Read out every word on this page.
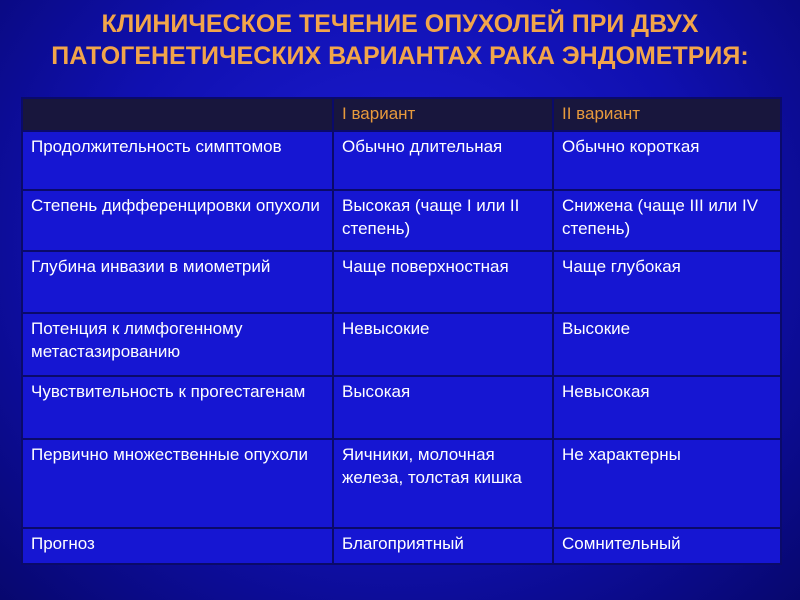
КЛИНИЧЕСКОЕ ТЕЧЕНИЕ ОПУХОЛЕЙ ПРИ ДВУХ
ПАТОГЕНЕТИЧЕСКИХ ВАРИАНТАХ РАКА ЭНДОМЕТРИЯ:
	I вариант	II вариант
Продолжительность симптомов	Обычно длительная	Обычно короткая
Степень дифференцировки опухоли	Высокая (чаще I или II степень)	Снижена (чаще III или IV степень)
Глубина инвазии в миометрий	Чаще поверхностная	Чаще глубокая
Потенция к лимфогенному метастазированию	Невысокие	Высокие
Чувствительность к прогестагенам	Высокая	Невысокая
Первично множественные опухоли	Яичники, молочная железа, толстая кишка	Не характерны
Прогноз	Благоприятный	Сомнительный
